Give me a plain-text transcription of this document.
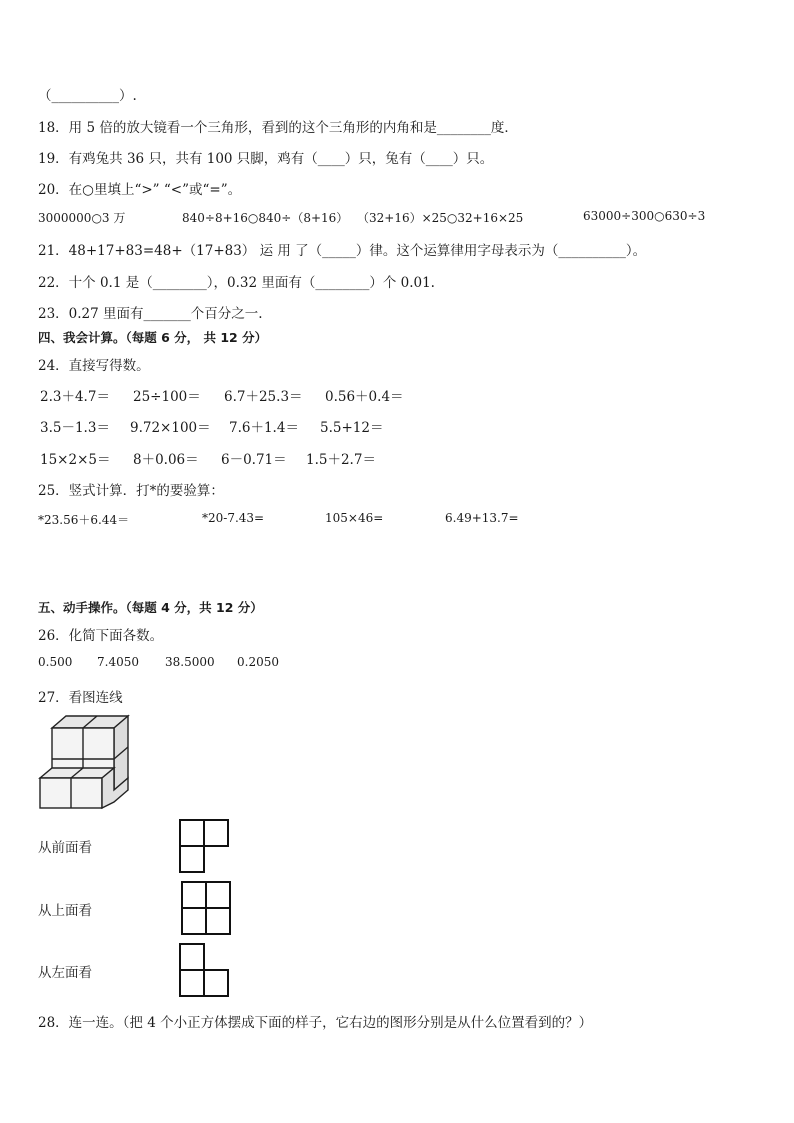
（__________）.
18．用 5 倍的放大镜看一个三角形，看到的这个三角形的内角和是________度．
19．有鸡兔共 36 只，共有 100 只脚，鸡有（____）只，兔有（____）只。
20．在○里填上“>” “<”或“=”。
3000000○3 万	840÷8+16○840÷（8+16） （32+16）×25○32+16×25	63000÷300○630÷3
21．48+17+83=48+（17+83） 运 用 了（_____）律。这个运算律用字母表示为（__________）。
22．十个 0.1 是（________），0.32 里面有（________）个 0.01.
23．0.27 里面有_______个百分之一.
四、我会计算。（每题 6 分， 共 12 分）
24．直接写得数。
2.3＋4.7＝ 25÷100＝ 6.7＋25.3＝ 0.56＋0.4＝
3.5－1.3＝ 9.72×100＝ 7.6＋1.4＝ 5.5+12＝
15×2×5＝ 8＋0.06＝ 6－0.71＝ 1.5＋2.7＝
25．竖式计算．打*的要验算：
*23.56＋6.44＝	*20-7.43=	105×46=	6.49+13.7=
五、动手操作。（每题 4 分，共 12 分）
26．化简下面各数。
0.500 7.4050 38.5000 0.2050
27．看图连线
从前面看
从上面看
从左面看
28．连一连。（把 4 个小正方体摆成下面的样子，它右边的图形分别是从什么位置看到的？）
